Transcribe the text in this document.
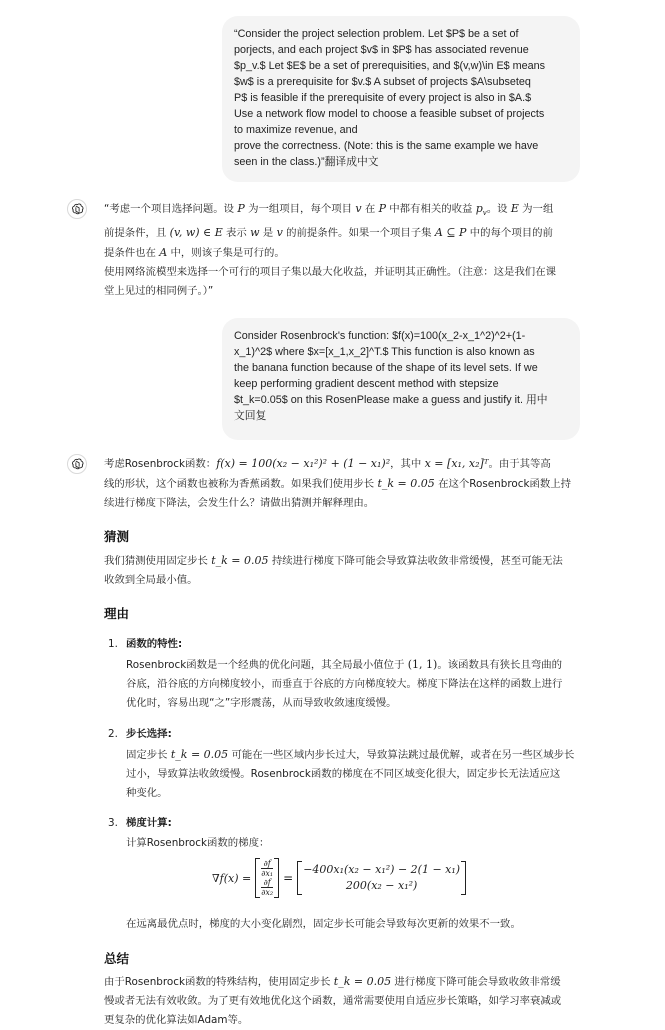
“Consider the project selection problem. Let $P$ be a set of
porjects, and each project $v$ in $P$ has associated revenue
$p_v.$ Let $E$ be a set of prerequisities, and $(v,w)\in E$ means
$w$ is a prerequisite for $v.$ A subset of projects $A\subseteq
P$ is feasible if the prerequisite of every project is also in $A.$
Use a network flow model to choose a feasible subset of projects
to maximize revenue, and
prove the correctness. (Note: this is the same example we have
seen in the class.)”翻译成中文
“考虑一个项目选择问题。设 P 为一组项目，每个项目 v 在 P 中都有相关的收益 $p_v$。设 E 为一组
前提条件，且 (v, w) ∈ E 表示 w 是 v 的前提条件。如果一个项目子集 A ⊆ P 中的每个项目的前
提条件也在 A 中，则该子集是可行的。
使用网络流模型来选择一个可行的项目子集以最大化收益，并证明其正确性。（注意：这是我们在课
堂上见过的相同例子。）”
Consider Rosenbrock's function: $f(x)=100(x_2-x_1^2)^2+(1-
x_1)^2$ where $x=[x_1,x_2]^T.$ This function is also known as
the banana function because of the shape of its level sets. If we
keep performing gradient descent method with stepsize
$t_k=0.05$ on this RosenPlease make a guess and justify it. 用中
文回复
考虑Rosenbrock函数：f(x) = 100(x₂ − x₁²)² + (1 − x₁)²，其中 x = [x₁, x₂]ᵀ。由于其等高
线的形状，这个函数也被称为香蕉函数。如果我们使用步长 t_k = 0.05 在这个Rosenbrock函数上持
续进行梯度下降法，会发生什么？请做出猜测并解释理由。
猜测
我们猜测使用固定步长 t_k = 0.05 持续进行梯度下降可能会导致算法收敛非常缓慢，甚至可能无法
收敛到全局最小值。
理由
1. 函数的特性:
Rosenbrock函数是一个经典的优化问题，其全局最小值位于 (1, 1)。该函数具有狭长且弯曲的
谷底，沿谷底的方向梯度较小，而垂直于谷底的方向梯度较大。梯度下降法在这样的函数上进行
优化时，容易出现“之”字形震荡，从而导致收敛速度缓慢。
2. 步长选择:
固定步长 t_k = 0.05 可能在一些区域内步长过大，导致算法跳过最优解，或者在另一些区域步长
过小，导致算法收敛缓慢。Rosenbrock函数的梯度在不同区域变化很大，固定步长无法适应这
种变化。
3. 梯度计算:
计算Rosenbrock函数的梯度：
$\nabla f(x) = \frac{\partial f}{\text{∂x₁}}$
$\frac{\partial f}{\text{∂x₂}}$ =
−400x₁(x₂ − x₁²) − 2(1 − x₁)
200(x₂ − x₁²)
在远离最优点时，梯度的大小变化剧烈，固定步长可能会导致每次更新的效果不一致。
总结
由于Rosenbrock函数的特殊结构，使用固定步长 t_k = 0.05 进行梯度下降可能会导致收敛非常缓
慢或者无法有效收敛。为了更有效地优化这个函数，通常需要使用自适应步长策略，如学习率衰减或
更复杂的优化算法如Adam等。
